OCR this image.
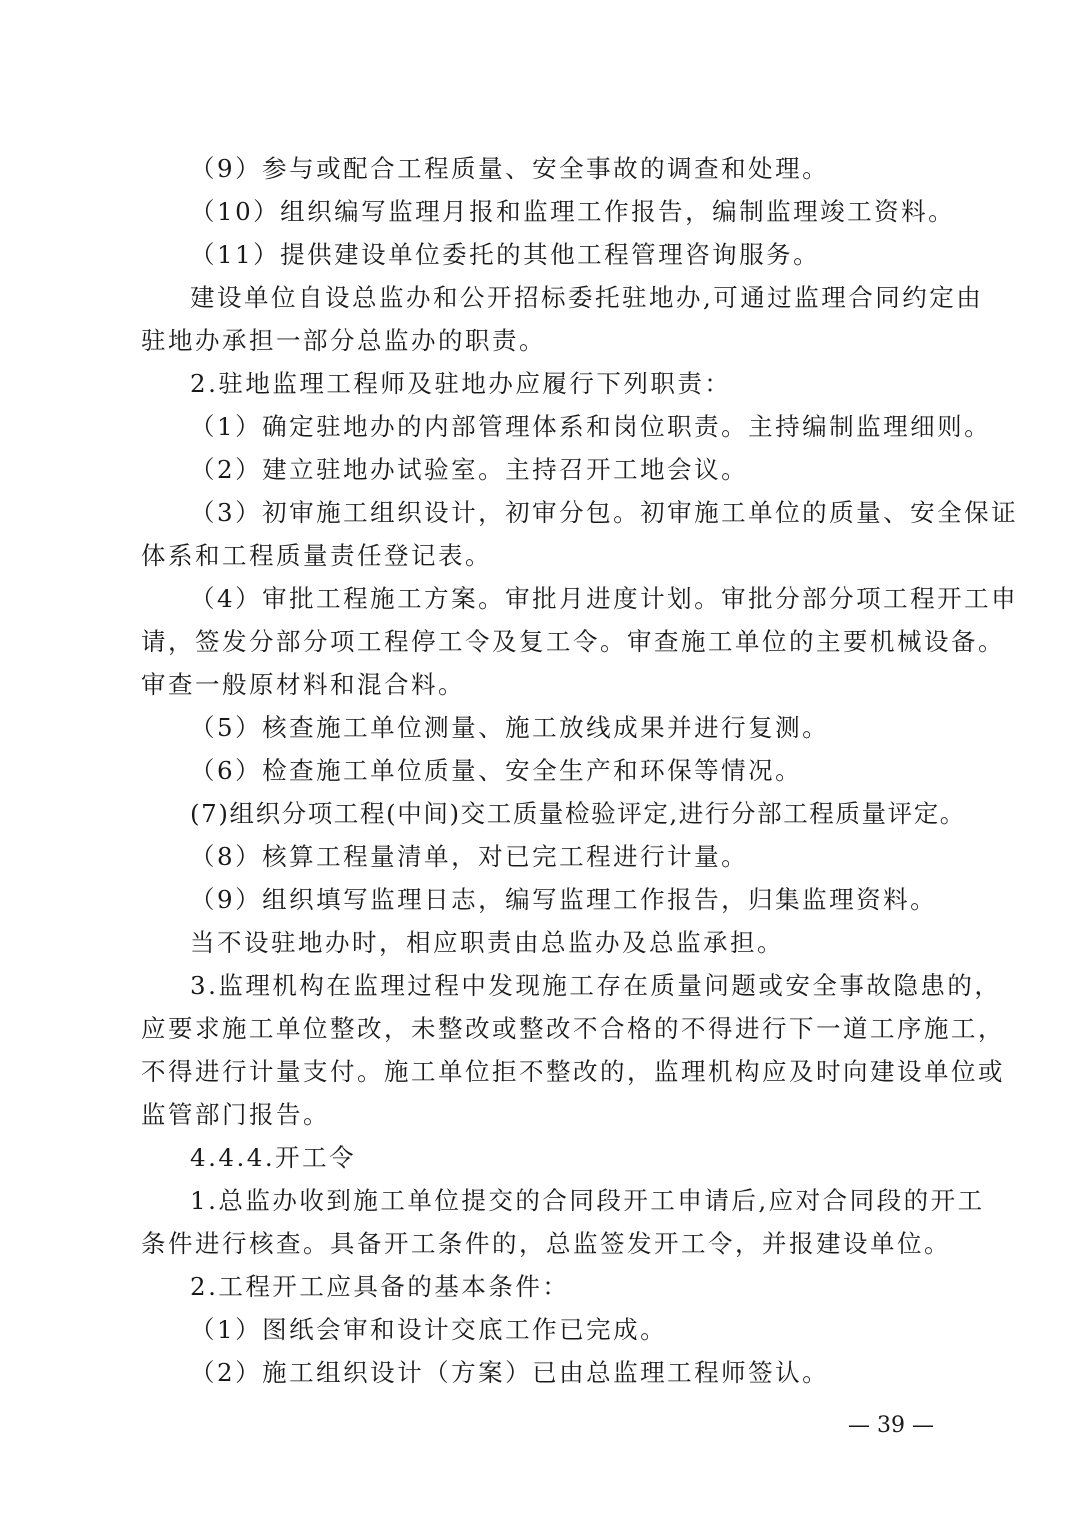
（9）参与或配合工程质量、安全事故的调查和处理。
（10）组织编写监理月报和监理工作报告，编制监理竣工资料。
（11）提供建设单位委托的其他工程管理咨询服务。
建设单位自设总监办和公开招标委托驻地办,可通过监理合同约定由
驻地办承担一部分总监办的职责。
2.驻地监理工程师及驻地办应履行下列职责：
（1）确定驻地办的内部管理体系和岗位职责。主持编制监理细则。
（2）建立驻地办试验室。主持召开工地会议。
（3）初审施工组织设计，初审分包。初审施工单位的质量、安全保证
体系和工程质量责任登记表。
（4）审批工程施工方案。审批月进度计划。审批分部分项工程开工申
请，签发分部分项工程停工令及复工令。审查施工单位的主要机械设备。
审查一般原材料和混合料。
（5）核查施工单位测量、施工放线成果并进行复测。
（6）检查施工单位质量、安全生产和环保等情况。
(7)组织分项工程(中间)交工质量检验评定,进行分部工程质量评定。
（8）核算工程量清单，对已完工程进行计量。
（9）组织填写监理日志，编写监理工作报告，归集监理资料。
当不设驻地办时，相应职责由总监办及总监承担。
3.监理机构在监理过程中发现施工存在质量问题或安全事故隐患的，
应要求施工单位整改，未整改或整改不合格的不得进行下一道工序施工，
不得进行计量支付。施工单位拒不整改的，监理机构应及时向建设单位或
监管部门报告。
4.4.4.开工令
1.总监办收到施工单位提交的合同段开工申请后,应对合同段的开工
条件进行核查。具备开工条件的，总监签发开工令，并报建设单位。
2.工程开工应具备的基本条件：
（1）图纸会审和设计交底工作已完成。
（2）施工组织设计（方案）已由总监理工程师签认。
— 39 —
